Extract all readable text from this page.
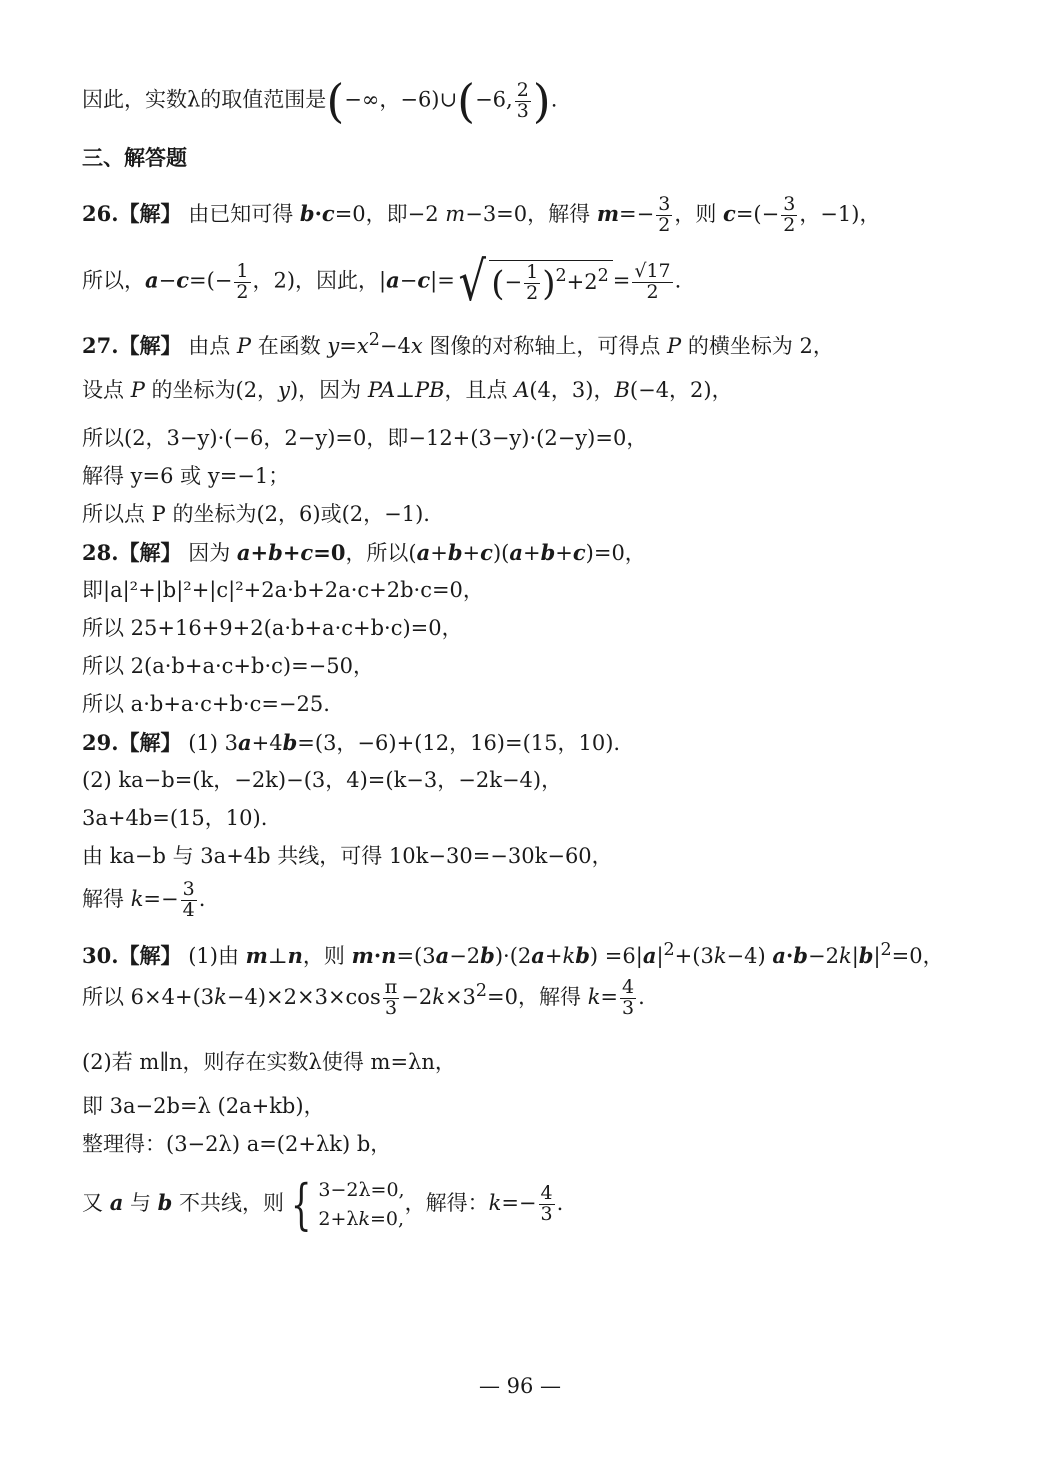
因此，实数λ的取值范围是(−∞，−6)∪(−6, $\frac{2}{3}$ ).
三、解答题
26.【解】 由已知可得 b·c=0，即−2 m−3=0，解得 $m=- \frac{3}{2}$ ，则 $c=(- \frac{3}{2}$ ，−1)，
所以，$a-c=(- \frac{1}{2}$ ，2)，因此，|a−c|=√ (− $\frac{1}{2} )^2+2^2 = \frac{√17}{2}$ .
27.【解】 由点 P 在函数 $y=x^2-4x$ 图像的对称轴上，可得点 P 的横坐标为 2，
设点 P 的坐标为(2，y)，因为 PA⊥PB，且点 A(4，3)，B(−4，2)，
所以(2，3−y)·(−6，2−y)=0，即−12+(3−y)·(2−y)=0，
解得 y=6 或 y=−1；
所以点 P 的坐标为(2，6)或(2，−1).
28.【解】 因为 a+b+c=0，所以(a+b+c)(a+b+c)=0，
即|a|²+|b|²+|c|²+2a·b+2a·c+2b·c=0，
所以 25+16+9+2(a·b+a·c+b·c)=0，
所以 2(a·b+a·c+b·c)=−50，
所以 a·b+a·c+b·c=−25.
29.【解】 (1) 3a+4b=(3，−6)+(12，16)=(15，10).
(2) ka−b=(k，−2k)−(3，4)=(k−3，−2k−4)，
3a+4b=(15，10).
由 ka−b 与 3a+4b 共线，可得 10k−30=−30k−60，
解得 $k=- \frac{3}{4}$ .
30.【解】 (1)由 m⊥n，则 $m\cdot n=(3a-2b)\cdot(2a+kb) =6|a|^2+(3k-4)$ $a\cdot b-2k|b|^2=0$，
所以 $6\times 4+(3k-4)\times 2\times 3\times\cos \frac{\pi}{3} -2k\times 3^2=0$，解得 $k= \frac{4}{3}$ .
(2)若 m∥n，则存在实数λ使得 m=λn，
即 3a−2b=λ (2a+kb)，
整理得：(3−2λ) a=(2+λk) b，
又 a 与 b 不共线，则 { 3−2λ=0,
2+λk=0,，解得：$k=- \frac{4}{3}$ .
— 96 —
